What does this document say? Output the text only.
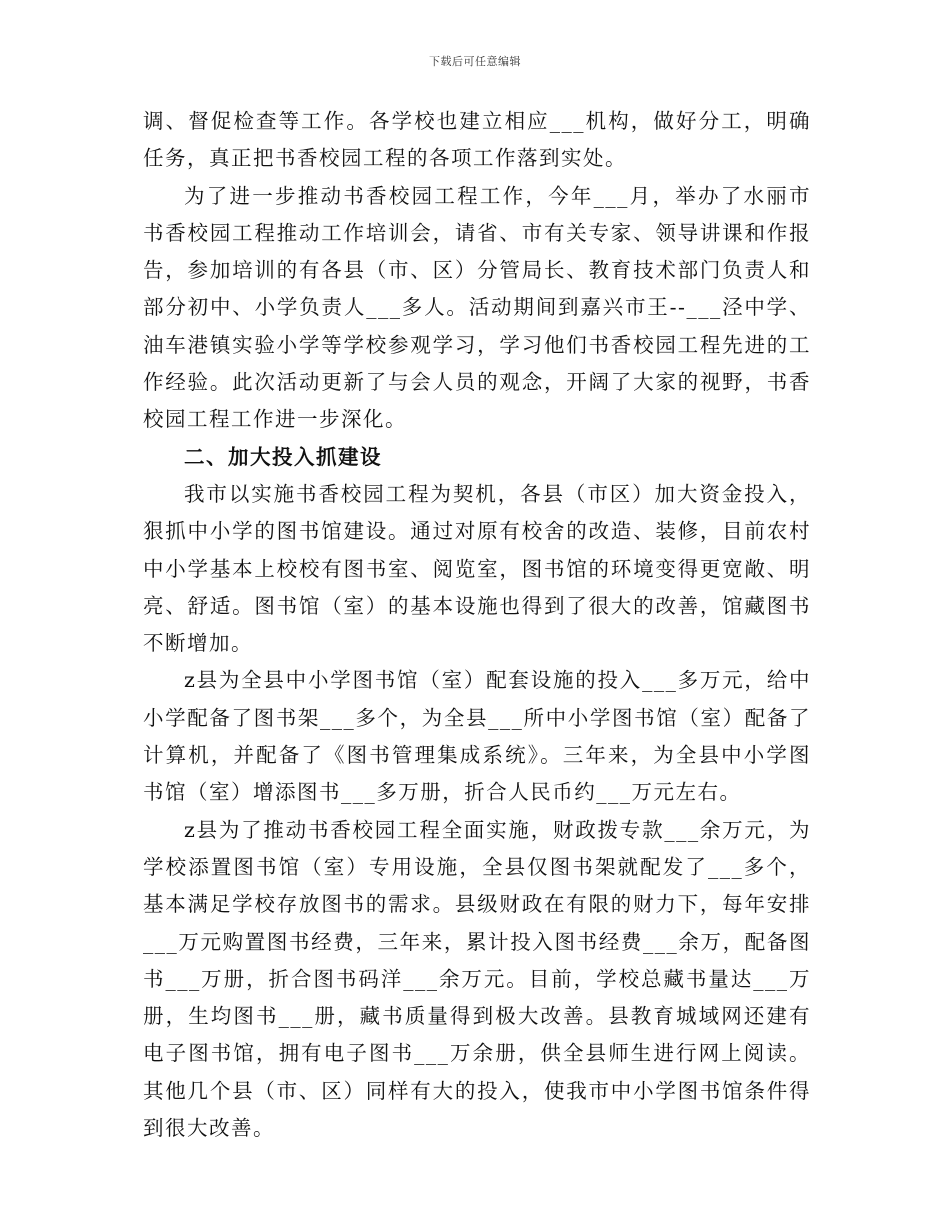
下载后可任意编辑

调、督促检查等工作。各学校也建立相应___机构，做好分工，明确任务，真正把书香校园工程的各项工作落到实处。

为了进一步推动书香校园工程工作，今年___月，举办了水丽市书香校园工程推动工作培训会，请省、市有关专家、领导讲课和作报告，参加培训的有各县（市、区）分管局长、教育技术部门负责人和部分初中、小学负责人___多人。活动期间到嘉兴市王--___泾中学、油车港镇实验小学等学校参观学习，学习他们书香校园工程先进的工作经验。此次活动更新了与会人员的观念，开阔了大家的视野，书香校园工程工作进一步深化。

二、加大投入抓建设

我市以实施书香校园工程为契机，各县（市区）加大资金投入，狠抓中小学的图书馆建设。通过对原有校舍的改造、装修，目前农村中小学基本上校校有图书室、阅览室，图书馆的环境变得更宽敞、明亮、舒适。图书馆（室）的基本设施也得到了很大的改善，馆藏图书不断增加。

z县为全县中小学图书馆（室）配套设施的投入___多万元，给中小学配备了图书架___多个，为全县___所中小学图书馆（室）配备了计算机，并配备了《图书管理集成系统》。三年来，为全县中小学图书馆（室）增添图书___多万册，折合人民币约___万元左右。

z县为了推动书香校园工程全面实施，财政拨专款___余万元，为学校添置图书馆（室）专用设施，全县仅图书架就配发了___多个，基本满足学校存放图书的需求。县级财政在有限的财力下，每年安排___万元购置图书经费，三年来，累计投入图书经费___余万，配备图书___万册，折合图书码洋___余万元。目前，学校总藏书量达___万册，生均图书___册，藏书质量得到极大改善。县教育城域网还建有电子图书馆，拥有电子图书___万余册，供全县师生进行网上阅读。其他几个县（市、区）同样有大的投入，使我市中小学图书馆条件得到很大改善。
